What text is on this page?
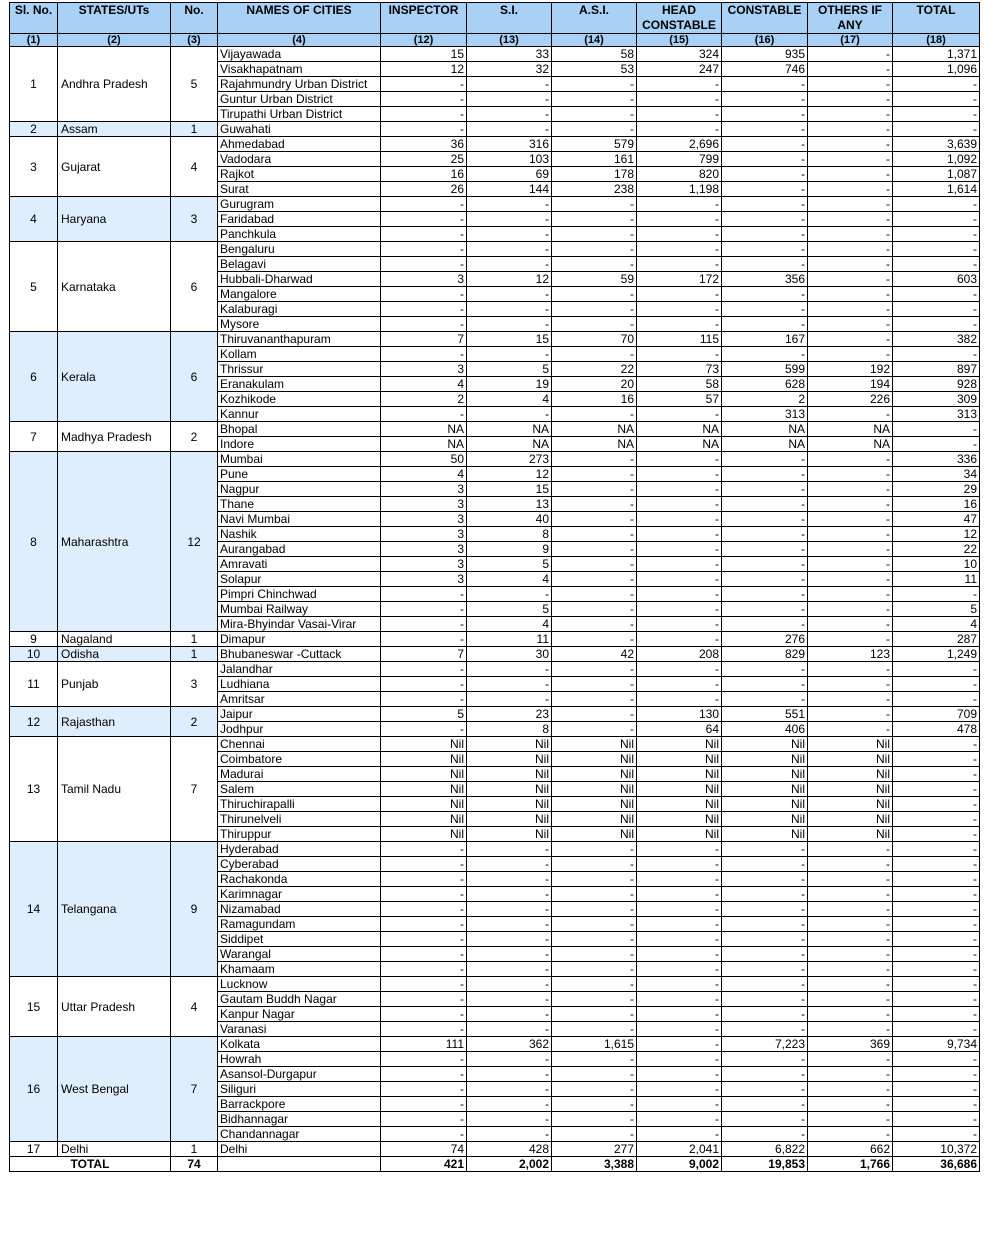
Sl. No.	STATES/UTs	No.	NAMES OF CITIES	INSPECTOR	S.I.	A.S.I.	HEAD CONSTABLE	CONSTABLE	OTHERS IF ANY	TOTAL
(1)	(2)	(3)	(4)	(12)	(13)	(14)	(15)	(16)	(17)	(18)
1	Andhra Pradesh	5	Vijayawada	15	33	58	324	935	-	1,371
			Visakhapatnam	12	32	53	247	746	-	1,096
			Rajahmundry Urban District	-	-	-	-	-	-	-
			Guntur Urban District	-	-	-	-	-	-	-
			Tirupathi Urban District	-	-	-	-	-	-	-
2	Assam	1	Guwahati	-	-	-	-	-	-	-
3	Gujarat	4	Ahmedabad	36	316	579	2,696	-	-	3,639
			Vadodara	25	103	161	799	-	-	1,092
			Rajkot	16	69	178	820	-	-	1,087
			Surat	26	144	238	1,198	-	-	1,614
4	Haryana	3	Gurugram	-	-	-	-	-	-	-
			Faridabad	-	-	-	-	-	-	-
			Panchkula	-	-	-	-	-	-	-
5	Karnataka	6	Bengaluru	-	-	-	-	-	-	-
			Belagavi	-	-	-	-	-	-	-
			Hubbali-Dharwad	3	12	59	172	356	-	603
			Mangalore	-	-	-	-	-	-	-
			Kalaburagi	-	-	-	-	-	-	-
			Mysore	-	-	-	-	-	-	-
6	Kerala	6	Thiruvananthapuram	7	15	70	115	167	-	382
			Kollam	-	-	-	-	-	-	-
			Thrissur	3	5	22	73	599	192	897
			Eranakulam	4	19	20	58	628	194	928
			Kozhikode	2	4	16	57	2	226	309
			Kannur	-	-	-	-	313	-	313
7	Madhya Pradesh	2	Bhopal	NA	NA	NA	NA	NA	NA	-
			Indore	NA	NA	NA	NA	NA	NA	-
8	Maharashtra	12	Mumbai	50	273	-	-	-	-	336
			Pune	4	12	-	-	-	-	34
			Nagpur	3	15	-	-	-	-	29
			Thane	3	13	-	-	-	-	16
			Navi Mumbai	3	40	-	-	-	-	47
			Nashik	3	8	-	-	-	-	12
			Aurangabad	3	9	-	-	-	-	22
			Amravati	3	5	-	-	-	-	10
			Solapur	3	4	-	-	-	-	11
			Pimpri Chinchwad	-	-	-	-	-	-	-
			Mumbai Railway	-	5	-	-	-	-	5
			Mira-Bhyindar Vasai-Virar	-	4	-	-	-	-	4
9	Nagaland	1	Dimapur	-	11	-	-	276	-	287
10	Odisha	1	Bhubaneswar -Cuttack	7	30	42	208	829	123	1,249
11	Punjab	3	Jalandhar	-	-	-	-	-	-	-
			Ludhiana	-	-	-	-	-	-	-
			Amritsar	-	-	-	-	-	-	-
12	Rajasthan	2	Jaipur	5	23	-	130	551	-	709
			Jodhpur	-	8	-	64	406	-	478
13	Tamil Nadu	7	Chennai	Nil	Nil	Nil	Nil	Nil	Nil	-
			Coimbatore	Nil	Nil	Nil	Nil	Nil	Nil	-
			Madurai	Nil	Nil	Nil	Nil	Nil	Nil	-
			Salem	Nil	Nil	Nil	Nil	Nil	Nil	-
			Thiruchirapalli	Nil	Nil	Nil	Nil	Nil	Nil	-
			Thirunelveli	Nil	Nil	Nil	Nil	Nil	Nil	-
			Thiruppur	Nil	Nil	Nil	Nil	Nil	Nil	-
14	Telangana	9	Hyderabad	-	-	-	-	-	-	-
			Cyberabad	-	-	-	-	-	-	-
			Rachakonda	-	-	-	-	-	-	-
			Karimnagar	-	-	-	-	-	-	-
			Nizamabad	-	-	-	-	-	-	-
			Ramagundam	-	-	-	-	-	-	-
			Siddipet	-	-	-	-	-	-	-
			Warangal	-	-	-	-	-	-	-
			Khamaam	-	-	-	-	-	-	-
15	Uttar Pradesh	4	Lucknow	-	-	-	-	-	-	-
			Gautam Buddh Nagar	-	-	-	-	-	-	-
			Kanpur Nagar	-	-	-	-	-	-	-
			Varanasi	-	-	-	-	-	-	-
16	West Bengal	7	Kolkata	111	362	1,615	-	7,223	369	9,734
			Howrah	-	-	-	-	-	-	-
			Asansol-Durgapur	-	-	-	-	-	-	-
			Siliguri	-	-	-	-	-	-	-
			Barrackpore	-	-	-	-	-	-	-
			Bidhannagar	-	-	-	-	-	-	-
			Chandannagar	-	-	-	-	-	-	-
17	Delhi	1	Delhi	74	428	277	2,041	6,822	662	10,372
TOTAL		74		421	2,002	3,388	9,002	19,853	1,766	36,686
